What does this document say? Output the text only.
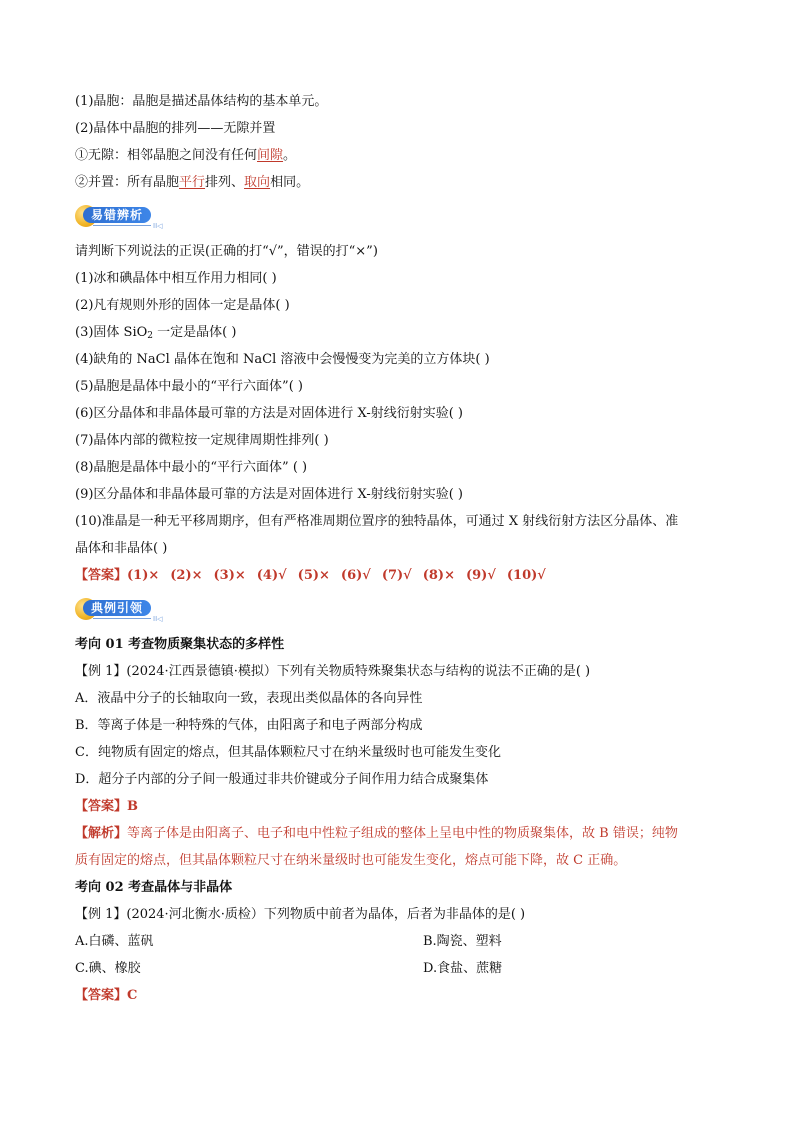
(1)晶胞：晶胞是描述晶体结构的基本单元。
(2)晶体中晶胞的排列——无隙并置
①无隙：相邻晶胞之间没有任何间隙。
②并置：所有晶胞平行排列、取向相同。
易错辨析
II◁
请判断下列说法的正误(正确的打“√”，错误的打“×”)
(1)冰和碘晶体中相互作用力相同( )
(2)凡有规则外形的固体一定是晶体( )
(3)固体 SiO$_2$ 一定是晶体( )
(4)缺角的 NaCl 晶体在饱和 NaCl 溶液中会慢慢变为完美的立方体块( )
(5)晶胞是晶体中最小的“平行六面体”( )
(6)区分晶体和非晶体最可靠的方法是对固体进行 X-射线衍射实验( )
(7)晶体内部的微粒按一定规律周期性排列( )
(8)晶胞是晶体中最小的“平行六面体” ( )
(9)区分晶体和非晶体最可靠的方法是对固体进行 X-射线衍射实验( )
(10)准晶是一种无平移周期序，但有严格准周期位置序的独特晶体，可通过 X 射线衍射方法区分晶体、准
晶体和非晶体( )
【答案】(1)× (2)× (3)× (4)√ (5)× (6)√ (7)√ (8)× (9)√ (10)√
典例引领
II◁
考向 01 考查物质聚集状态的多样性
【例 1】(2024·江西景德镇·模拟）下列有关物质特殊聚集状态与结构的说法不正确的是( )
A．液晶中分子的长轴取向一致，表现出类似晶体的各向异性
B．等离子体是一种特殊的气体，由阳离子和电子两部分构成
C．纯物质有固定的熔点，但其晶体颗粒尺寸在纳米量级时也可能发生变化
D．超分子内部的分子间一般通过非共价键或分子间作用力结合成聚集体
【答案】B
【解析】等离子体是由阳离子、电子和电中性粒子组成的整体上呈电中性的物质聚集体，故 B 错误；纯物
质有固定的熔点，但其晶体颗粒尺寸在纳米量级时也可能发生变化，熔点可能下降，故 C 正确。
考向 02 考查晶体与非晶体
【例 1】(2024·河北衡水·质检）下列物质中前者为晶体，后者为非晶体的是( )
A.白磷、蓝矾	B.陶瓷、塑料
C.碘、橡胶	D.食盐、蔗糖
【答案】C
